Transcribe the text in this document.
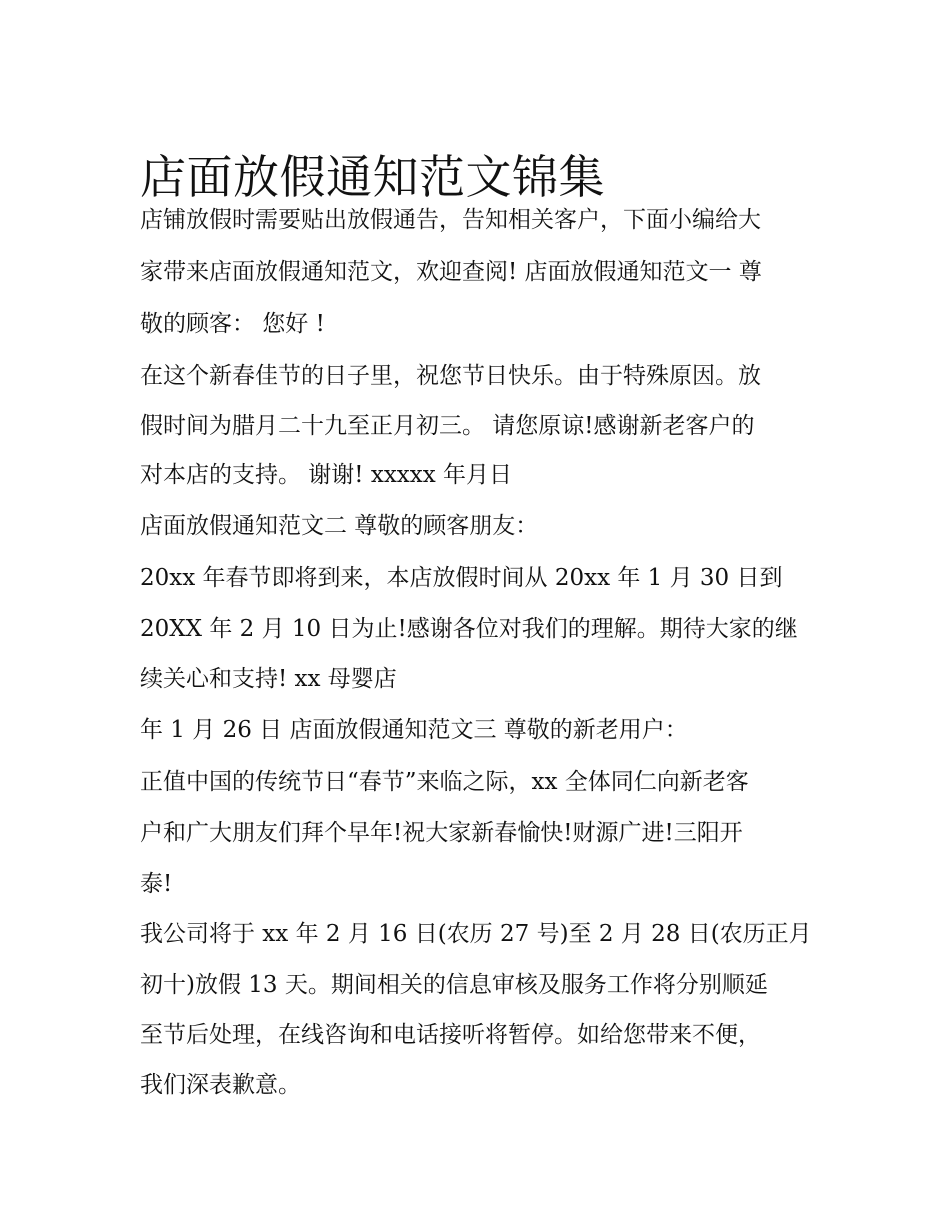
店面放假通知范文锦集
店铺放假时需要贴出放假通告，告知相关客户，下面小编给大
家带来店面放假通知范文，欢迎查阅! 店面放假通知范文一 尊
敬的顾客： 您好 !
在这个新春佳节的日子里，祝您节日快乐。由于特殊原因。放
假时间为腊月二十九至正月初三。 请您原谅!感谢新老客户的
对本店的支持。 谢谢! xxxxx 年月日
店面放假通知范文二 尊敬的顾客朋友：
20xx 年春节即将到来，本店放假时间从 20xx 年 1 月 30 日到
20XX 年 2 月 10 日为止!感谢各位对我们的理解。期待大家的继
续关心和支持! xx 母婴店
年 1 月 26 日 店面放假通知范文三 尊敬的新老用户：
正值中国的传统节日“春节”来临之际，xx 全体同仁向新老客
户和广大朋友们拜个早年!祝大家新春愉快!财源广进!三阳开
泰!
我公司将于 xx 年 2 月 16 日(农历 27 号)至 2 月 28 日(农历正月
初十)放假 13 天。期间相关的信息审核及服务工作将分别顺延
至节后处理，在线咨询和电话接听将暂停。如给您带来不便，
我们深表歉意。
